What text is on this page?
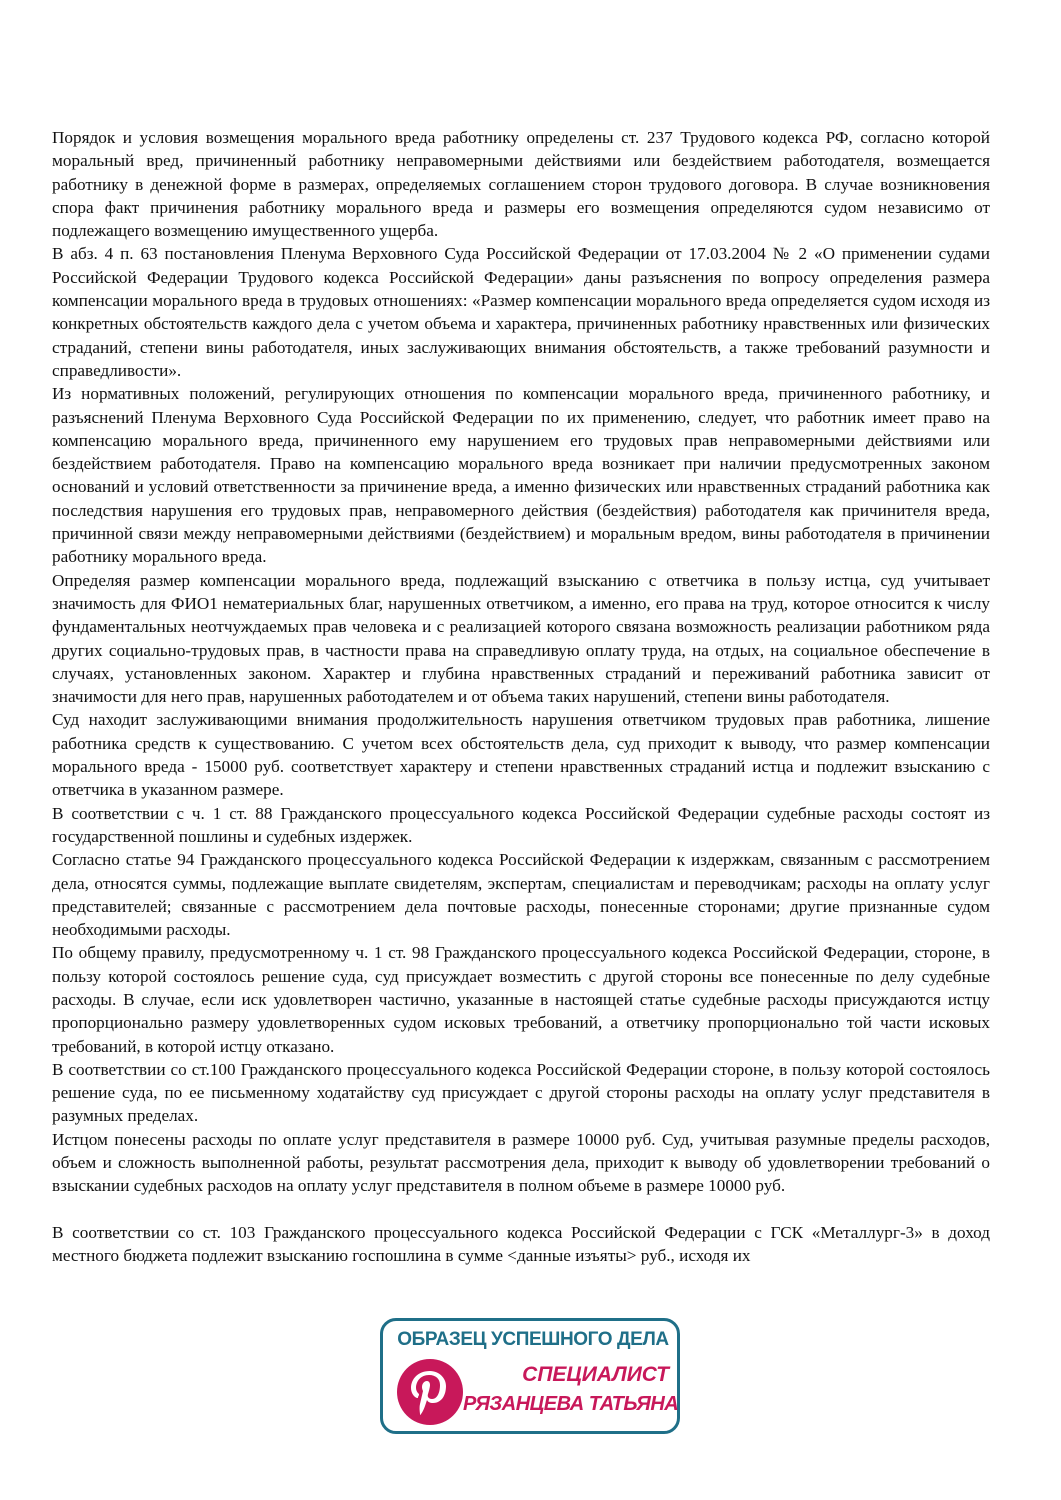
Порядок и условия возмещения морального вреда работнику определены ст. 237 Трудового кодекса РФ, согласно которой моральный вред, причиненный работнику неправомерными действиями или бездействием работодателя, возмещается работнику в денежной форме в размерах, определяемых соглашением сторон трудового договора. В случае возникновения спора факт причинения работнику морального вреда и размеры его возмещения определяются судом независимо от подлежащего возмещению имущественного ущерба.

В абз. 4 п. 63 постановления Пленума Верховного Суда Российской Федерации от 17.03.2004 № 2 «О применении судами Российской Федерации Трудового кодекса Российской Федерации» даны разъяснения по вопросу определения размера компенсации морального вреда в трудовых отношениях: «Размер компенсации морального вреда определяется судом исходя из конкретных обстоятельств каждого дела с учетом объема и характера, причиненных работнику нравственных или физических страданий, степени вины работодателя, иных заслуживающих внимания обстоятельств, а также требований разумности и справедливости».

Из нормативных положений, регулирующих отношения по компенсации морального вреда, причиненного работнику, и разъяснений Пленума Верховного Суда Российской Федерации по их применению, следует, что работник имеет право на компенсацию морального вреда, причиненного ему нарушением его трудовых прав неправомерными действиями или бездействием работодателя. Право на компенсацию морального вреда возникает при наличии предусмотренных законом оснований и условий ответственности за причинение вреда, а именно физических или нравственных страданий работника как последствия нарушения его трудовых прав, неправомерного действия (бездействия) работодателя как причинителя вреда, причинной связи между неправомерными действиями (бездействием) и моральным вредом, вины работодателя в причинении работнику морального вреда.

Определяя размер компенсации морального вреда, подлежащий взысканию с ответчика в пользу истца, суд учитывает значимость для ФИО1 нематериальных благ, нарушенных ответчиком, а именно, его права на труд, которое относится к числу фундаментальных неотчуждаемых прав человека и с реализацией которого связана возможность реализации работником ряда других социально-трудовых прав, в частности права на справедливую оплату труда, на отдых, на социальное обеспечение в случаях, установленных законом. Характер и глубина нравственных страданий и переживаний работника зависит от значимости для него прав, нарушенных работодателем и от объема таких нарушений, степени вины работодателя.

Суд находит заслуживающими внимания продолжительность нарушения ответчиком трудовых прав работника, лишение работника средств к существованию. С учетом всех обстоятельств дела, суд приходит к выводу, что размер компенсации морального вреда - 15000 руб. соответствует характеру и степени нравственных страданий истца и подлежит взысканию с ответчика в указанном размере.

В соответствии с ч. 1 ст. 88 Гражданского процессуального кодекса Российской Федерации судебные расходы состоят из государственной пошлины и судебных издержек.

Согласно статье 94 Гражданского процессуального кодекса Российской Федерации к издержкам, связанным с рассмотрением дела, относятся суммы, подлежащие выплате свидетелям, экспертам, специалистам и переводчикам; расходы на оплату услуг представителей; связанные с рассмотрением дела почтовые расходы, понесенные сторонами; другие признанные судом необходимыми расходы.

По общему правилу, предусмотренному ч. 1 ст. 98 Гражданского процессуального кодекса Российской Федерации, стороне, в пользу которой состоялось решение суда, суд присуждает возместить с другой стороны все понесенные по делу судебные расходы. В случае, если иск удовлетворен частично, указанные в настоящей статье судебные расходы присуждаются истцу пропорционально размеру удовлетворенных судом исковых требований, а ответчику пропорционально той части исковых требований, в которой истцу отказано.

В соответствии со ст.100 Гражданского процессуального кодекса Российской Федерации стороне, в пользу которой состоялось решение суда, по ее письменному ходатайству суд присуждает с другой стороны расходы на оплату услуг представителя в разумных пределах.

Истцом понесены расходы по оплате услуг представителя в размере 10000 руб. Суд, учитывая разумные пределы расходов, объем и сложность выполненной работы, результат рассмотрения дела, приходит к выводу об удовлетворении требований о взыскании судебных расходов на оплату услуг представителя в полном объеме в размере 10000 руб.

В соответствии со ст. 103 Гражданского процессуального кодекса Российской Федерации с ГСК «Металлург-3» в доход местного бюджета подлежит взысканию госпошлина в сумме <данные изъяты> руб., исходя их

ОБРАЗЕЦ УСПЕШНОГО ДЕЛА
СПЕЦИАЛИСТ
РЯЗАНЦЕВА ТАТЬЯНА
